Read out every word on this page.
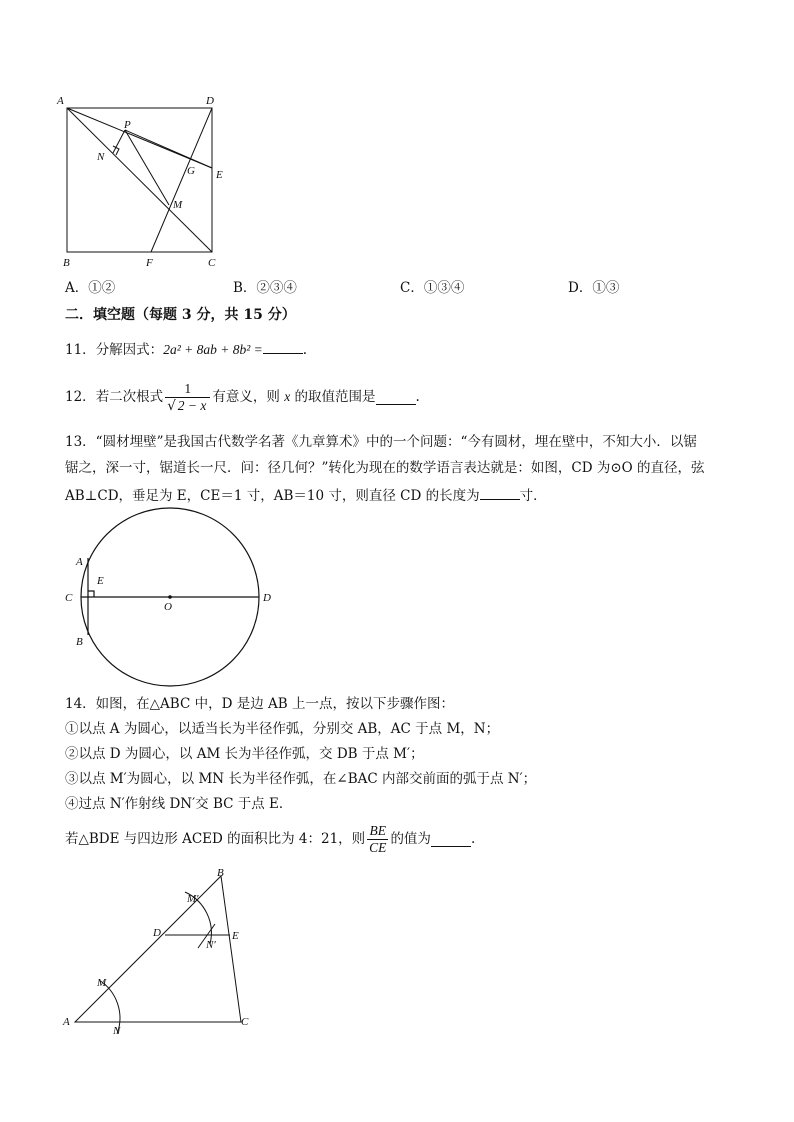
A	D
B	C
P
N
G E
M
F
A．①②	B．②③④	C．①③④	D．①③
二．填空题（每题 3 分，共 15 分）
11．分解因式：2a² + 8ab + 8b² =	.
12． 若二次根式 $\frac{1}{√ 2 - x}$ 有意义，则
x
的取值范围是	.
13．“圆材埋壁”是我国古代数学名著《九章算术》中的一个问题：“今有圆材，埋在壁中，不知大小．以锯
锯之，深一寸，锯道长一尺．问：径几何？”转化为现在的数学语言表达就是：如图，CD 为⊙O 的直径，弦
AB⊥CD，垂足为 E，CE＝1 寸，AB＝10 寸，则直径 CD 的长度为	寸．
A
C
B
E
O
D
14．如图，在△ABC 中，D 是边 AB 上一点，按以下步骤作图：
①以点 A 为圆心，以适当长为半径作弧，分别交 AB，AC 于点 M，N；
②以点 D 为圆心，以 AM 长为半径作弧，交 DB 于点 M′；
③以点 M′为圆心，以 MN 长为半径作弧，在∠BAC 内部交前面的弧于点 N′；
④过点 N′作射线 DN′交 BC 于点 E．
若△BDE 与四边形 ACED 的面积比为 4：21，则 $\frac{BE}{CE}$ 的值为	.
B
M′
D
N′
E
M
A
N
C
